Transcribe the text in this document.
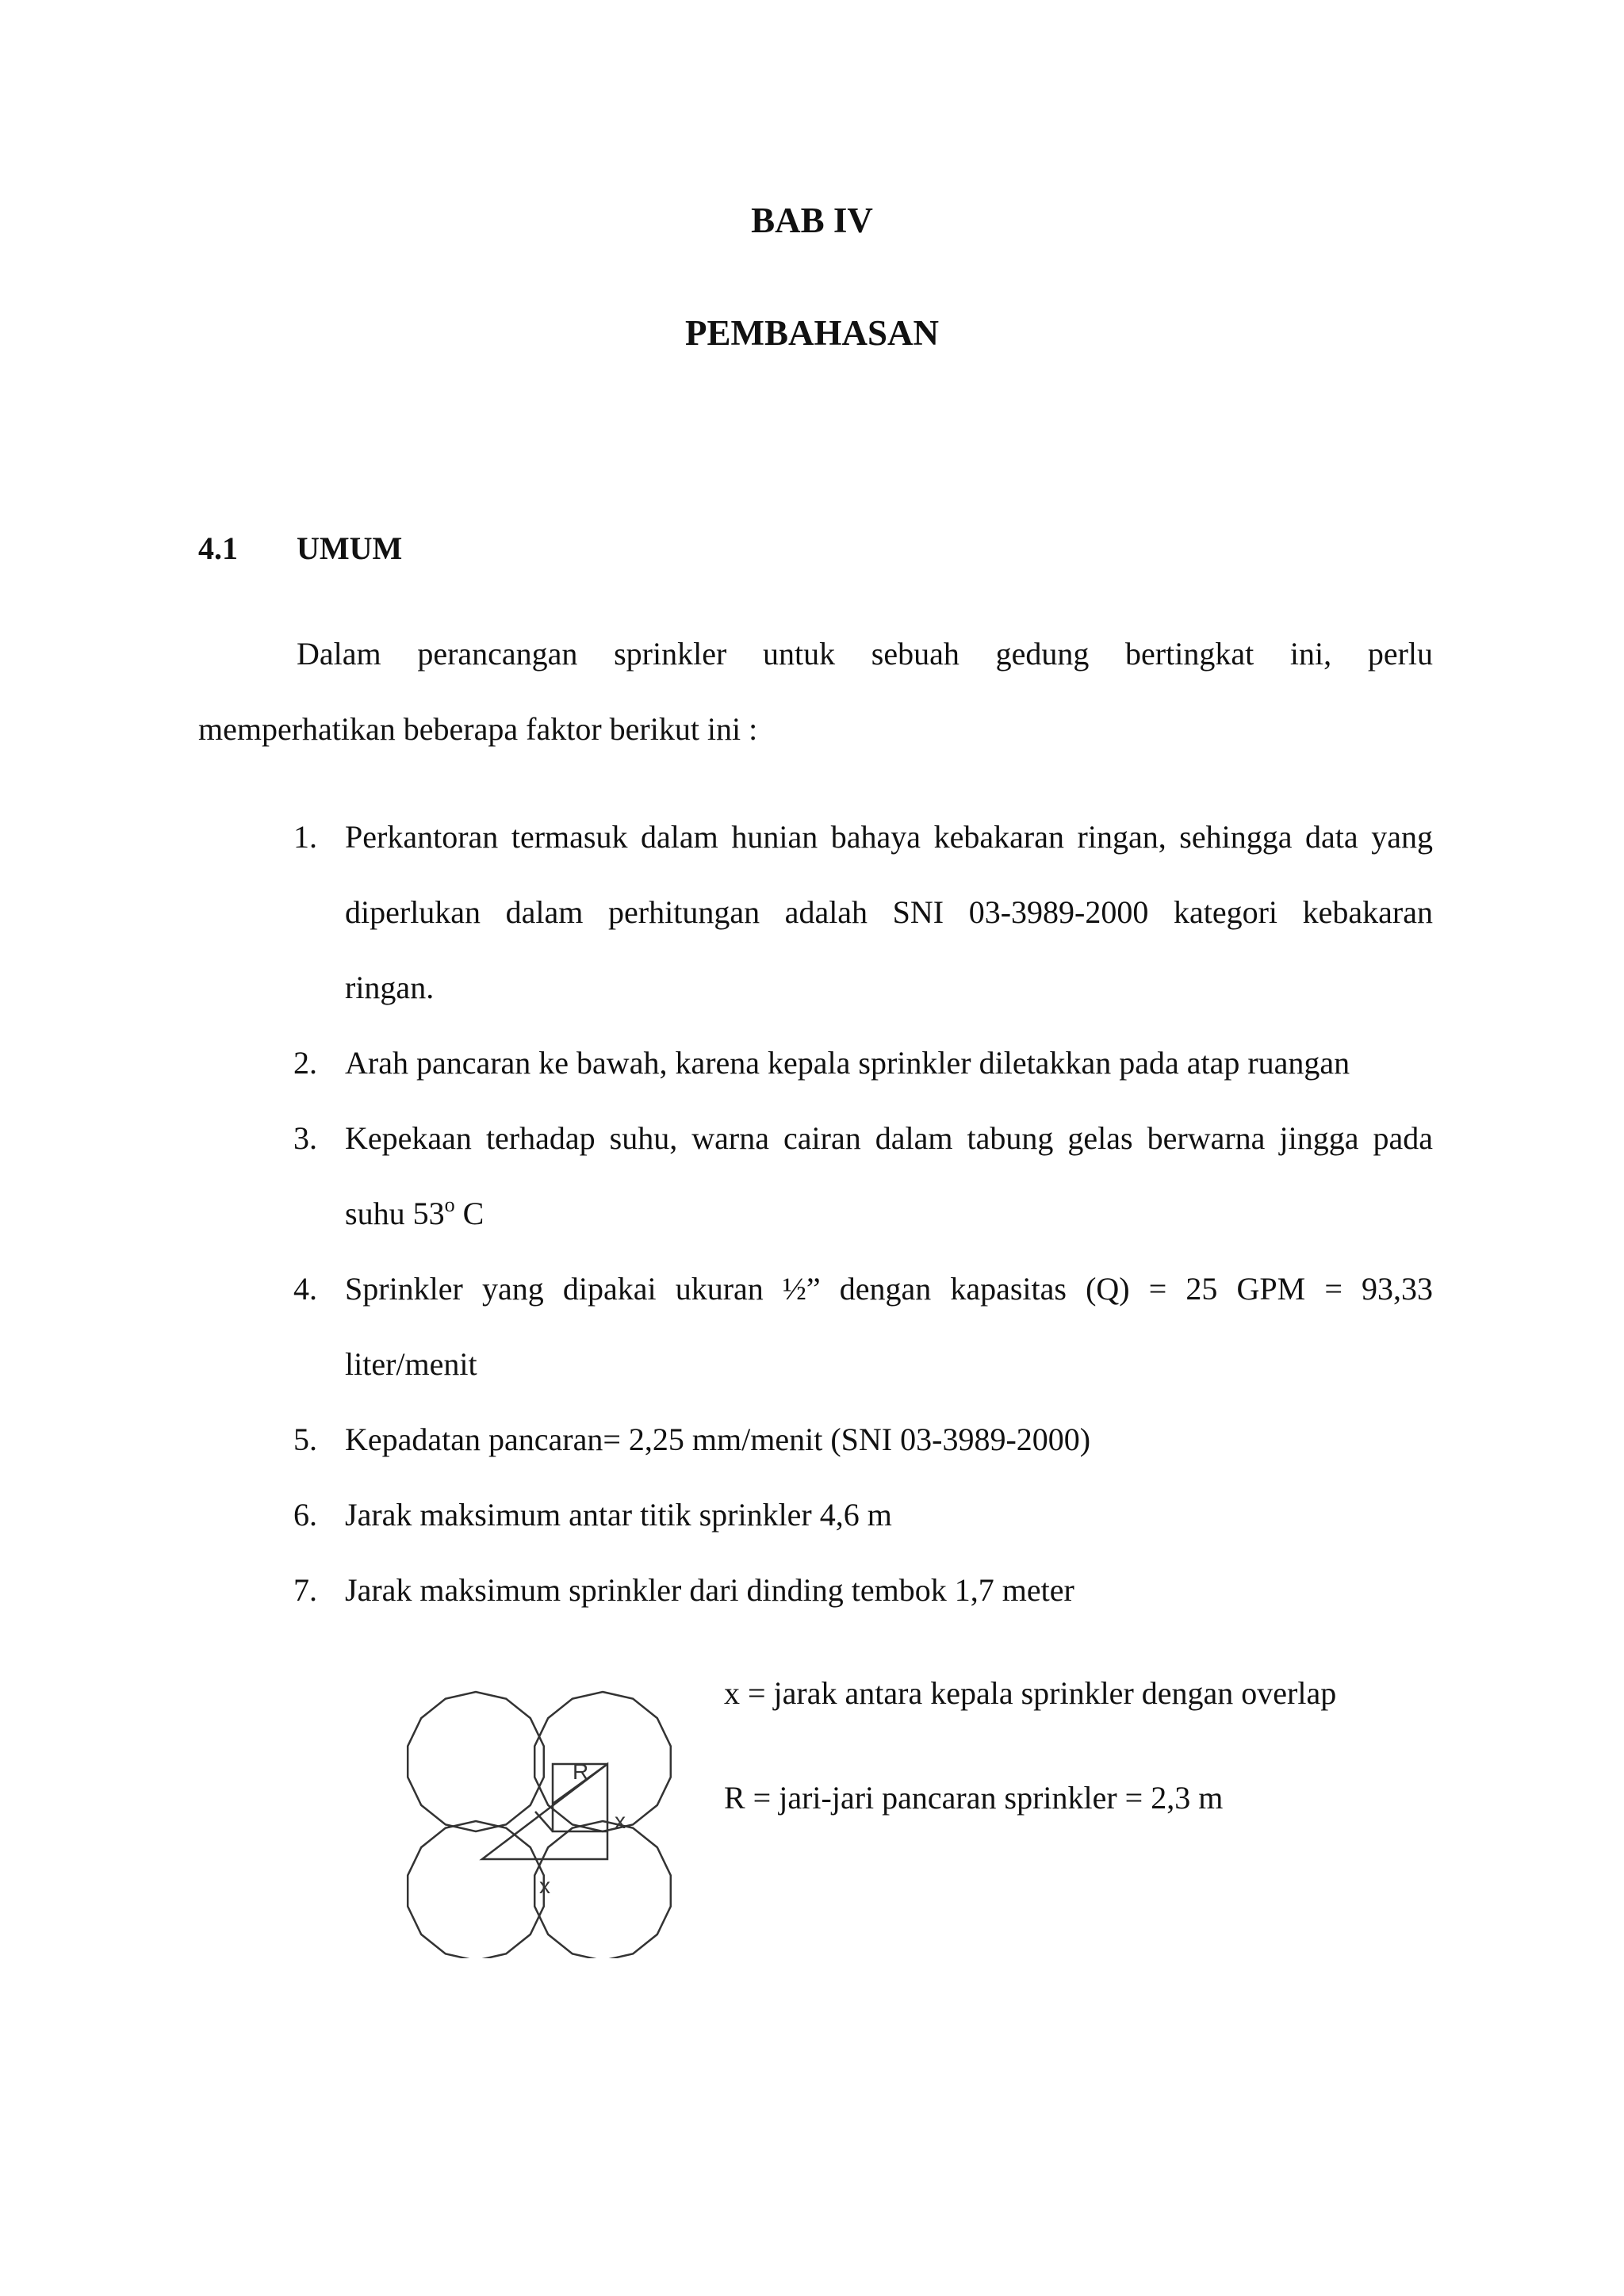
BAB IV
PEMBAHASAN
4.1 UMUM
Dalam perancangan sprinkler untuk sebuah gedung bertingkat ini, perlu
memperhatikan beberapa faktor berikut ini :
1. Perkantoran termasuk dalam hunian bahaya kebakaran ringan, sehingga data yang
diperlukan dalam perhitungan adalah SNI 03-3989-2000 kategori kebakaran
ringan.
2. Arah pancaran ke bawah, karena kepala sprinkler diletakkan pada atap ruangan
3. Kepekaan terhadap suhu, warna cairan dalam tabung gelas berwarna jingga pada
suhu 53$^o$ C
4. Sprinkler yang dipakai ukuran ½” dengan kapasitas (Q) = 25 GPM = 93,33
liter/menit
5. Kepadatan pancaran= 2,25 mm/menit (SNI 03-3989-2000)
6. Jarak maksimum antar titik sprinkler 4,6 m
7. Jarak maksimum sprinkler dari dinding tembok 1,7 meter
R
x
x
x = jarak antara kepala sprinkler dengan overlap
R = jari-jari pancaran sprinkler = 2,3 m
